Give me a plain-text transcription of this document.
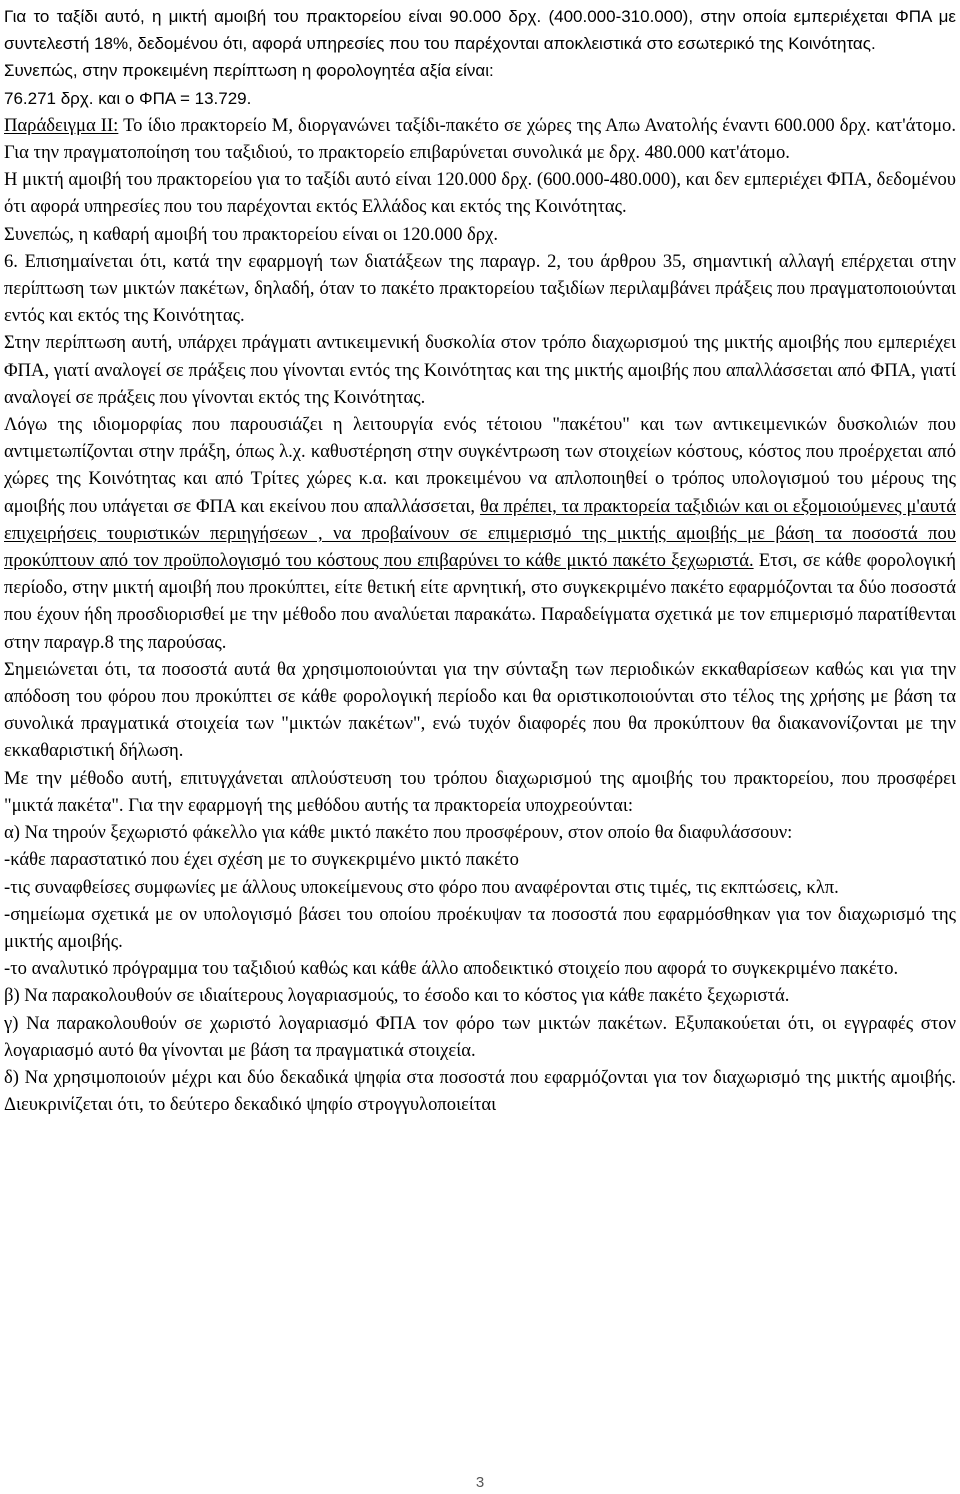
Για το ταξίδι αυτό, η μικτή αμοιβή του πρακτορείου είναι 90.000 δρχ. (400.000-310.000), στην οποία εμπεριέχεται ΦΠΑ με συντελεστή 18%, δεδομένου ότι, αφορά υπηρεσίες που του παρέχονται αποκλειστικά στο εσωτερικό της Κοινότητας.

Συνεπώς, στην προκειμένη περίπτωση η φορολογητέα αξία είναι:

76.271 δρχ. και ο ΦΠΑ = 13.729.

Παράδειγμα ΙΙ: Το ίδιο πρακτορείο Μ, διοργανώνει ταξίδι-πακέτο σε χώρες της Απω Ανατολής έναντι 600.000 δρχ. κατ'άτομο. Για την πραγματοποίηση του ταξιδιού, το πρακτορείο επιβαρύνεται συνολικά με δρχ. 480.000 κατ'άτομο.

Η μικτή αμοιβή του πρακτορείου για το ταξίδι αυτό είναι 120.000 δρχ. (600.000-480.000), και δεν εμπεριέχει ΦΠΑ, δεδομένου ότι αφορά υπηρεσίες που του παρέχονται εκτός Ελλάδος και εκτός της Κοινότητας.

Συνεπώς, η καθαρή αμοιβή του πρακτορείου είναι οι 120.000 δρχ.

6. Επισημαίνεται ότι, κατά την εφαρμογή των διατάξεων της παραγρ. 2, του άρθρου 35, σημαντική αλλαγή επέρχεται στην περίπτωση των μικτών πακέτων, δηλαδή, όταν το πακέτο πρακτορείου ταξιδίων περιλαμβάνει πράξεις που πραγματοποιούνται εντός και εκτός της Κοινότητας.

Στην περίπτωση αυτή, υπάρχει πράγματι αντικειμενική δυσκολία στον τρόπο διαχωρισμού της μικτής αμοιβής που εμπεριέχει ΦΠΑ, γιατί αναλογεί σε πράξεις που γίνονται εντός της Κοινότητας και της μικτής αμοιβής που απαλλάσσεται από ΦΠΑ, γιατί αναλογεί σε πράξεις που γίνονται εκτός της Κοινότητας.

Λόγω της ιδιομορφίας που παρουσιάζει η λειτουργία ενός τέτοιου "πακέτου" και των αντικειμενικών δυσκολιών που αντιμετωπίζονται στην πράξη, όπως λ.χ. καθυστέρηση στην συγκέντρωση των στοιχείων κόστους, κόστος που προέρχεται από χώρες της Κοινότητας και από Τρίτες χώρες κ.α. και προκειμένου να απλοποιηθεί ο τρόπος υπολογισμού του μέρους της αμοιβής που υπάγεται σε ΦΠΑ και εκείνου που απαλλάσσεται, θα πρέπει, τα πρακτορεία ταξιδιών και οι εξομοιούμενες μ'αυτά επιχειρήσεις τουριστικών περιηγήσεων , να προβαίνουν σε επιμερισμό της μικτής αμοιβής με βάση τα ποσοστά που προκύπτουν από τον προϋπολογισμό του κόστους που επιβαρύνει το κάθε μικτό πακέτο ξεχωριστά. Ετσι, σε κάθε φορολογική περίοδο, στην μικτή αμοιβή που προκύπτει, είτε θετική είτε αρνητική, στο συγκεκριμένο πακέτο εφαρμόζονται τα δύο ποσοστά που έχουν ήδη προσδιορισθεί με την μέθοδο που αναλύεται παρακάτω. Παραδείγματα σχετικά με τον επιμερισμό παρατίθενται στην παραγρ.8 της παρούσας.

Σημειώνεται ότι, τα ποσοστά αυτά θα χρησιμοποιούνται για την σύνταξη των περιοδικών εκκαθαρίσεων καθώς και για την απόδοση του φόρου που προκύπτει σε κάθε φορολογική περίοδο και θα οριστικοποιούνται στο τέλος της χρήσης με βάση τα συνολικά πραγματικά στοιχεία των "μικτών πακέτων", ενώ τυχόν διαφορές που θα προκύπτουν θα διακανονίζονται με την εκκαθαριστική δήλωση.

Με την μέθοδο αυτή, επιτυγχάνεται απλούστευση του τρόπου διαχωρισμού της αμοιβής του πρακτορείου, που προσφέρει "μικτά πακέτα". Για την εφαρμογή της μεθόδου αυτής τα πρακτορεία υποχρεούνται:

α) Να τηρούν ξεχωριστό φάκελλο για κάθε μικτό πακέτο που προσφέρουν, στον οποίο θα διαφυλάσσουν:

-κάθε παραστατικό που έχει σχέση με το συγκεκριμένο μικτό πακέτο

-τις συναφθείσες συμφωνίες με άλλους υποκείμενους στο φόρο που αναφέρονται στις τιμές, τις εκπτώσεις, κλπ.

-σημείωμα σχετικά με ον υπολογισμό βάσει του οποίου προέκυψαν τα ποσοστά που εφαρμόσθηκαν για τον διαχωρισμό της μικτής αμοιβής.

-το αναλυτικό πρόγραμμα του ταξιδιού καθώς και κάθε άλλο αποδεικτικό στοιχείο που αφορά το συγκεκριμένο πακέτο.

β) Να παρακολουθούν σε ιδιαίτερους λογαριασμούς, το έσοδο και το κόστος για κάθε πακέτο ξεχωριστά.

γ) Να παρακολουθούν σε χωριστό λογαριασμό ΦΠΑ τον φόρο των μικτών πακέτων. Εξυπακούεται ότι, οι εγγραφές στον λογαριασμό αυτό θα γίνονται με βάση τα πραγματικά στοιχεία.

δ) Να χρησιμοποιούν μέχρι και δύο δεκαδικά ψηφία στα ποσοστά που εφαρμόζονται για τον διαχωρισμό της μικτής αμοιβής. Διευκρινίζεται ότι, το δεύτερο δεκαδικό ψηφίο στρογγυλοποιείται

3
